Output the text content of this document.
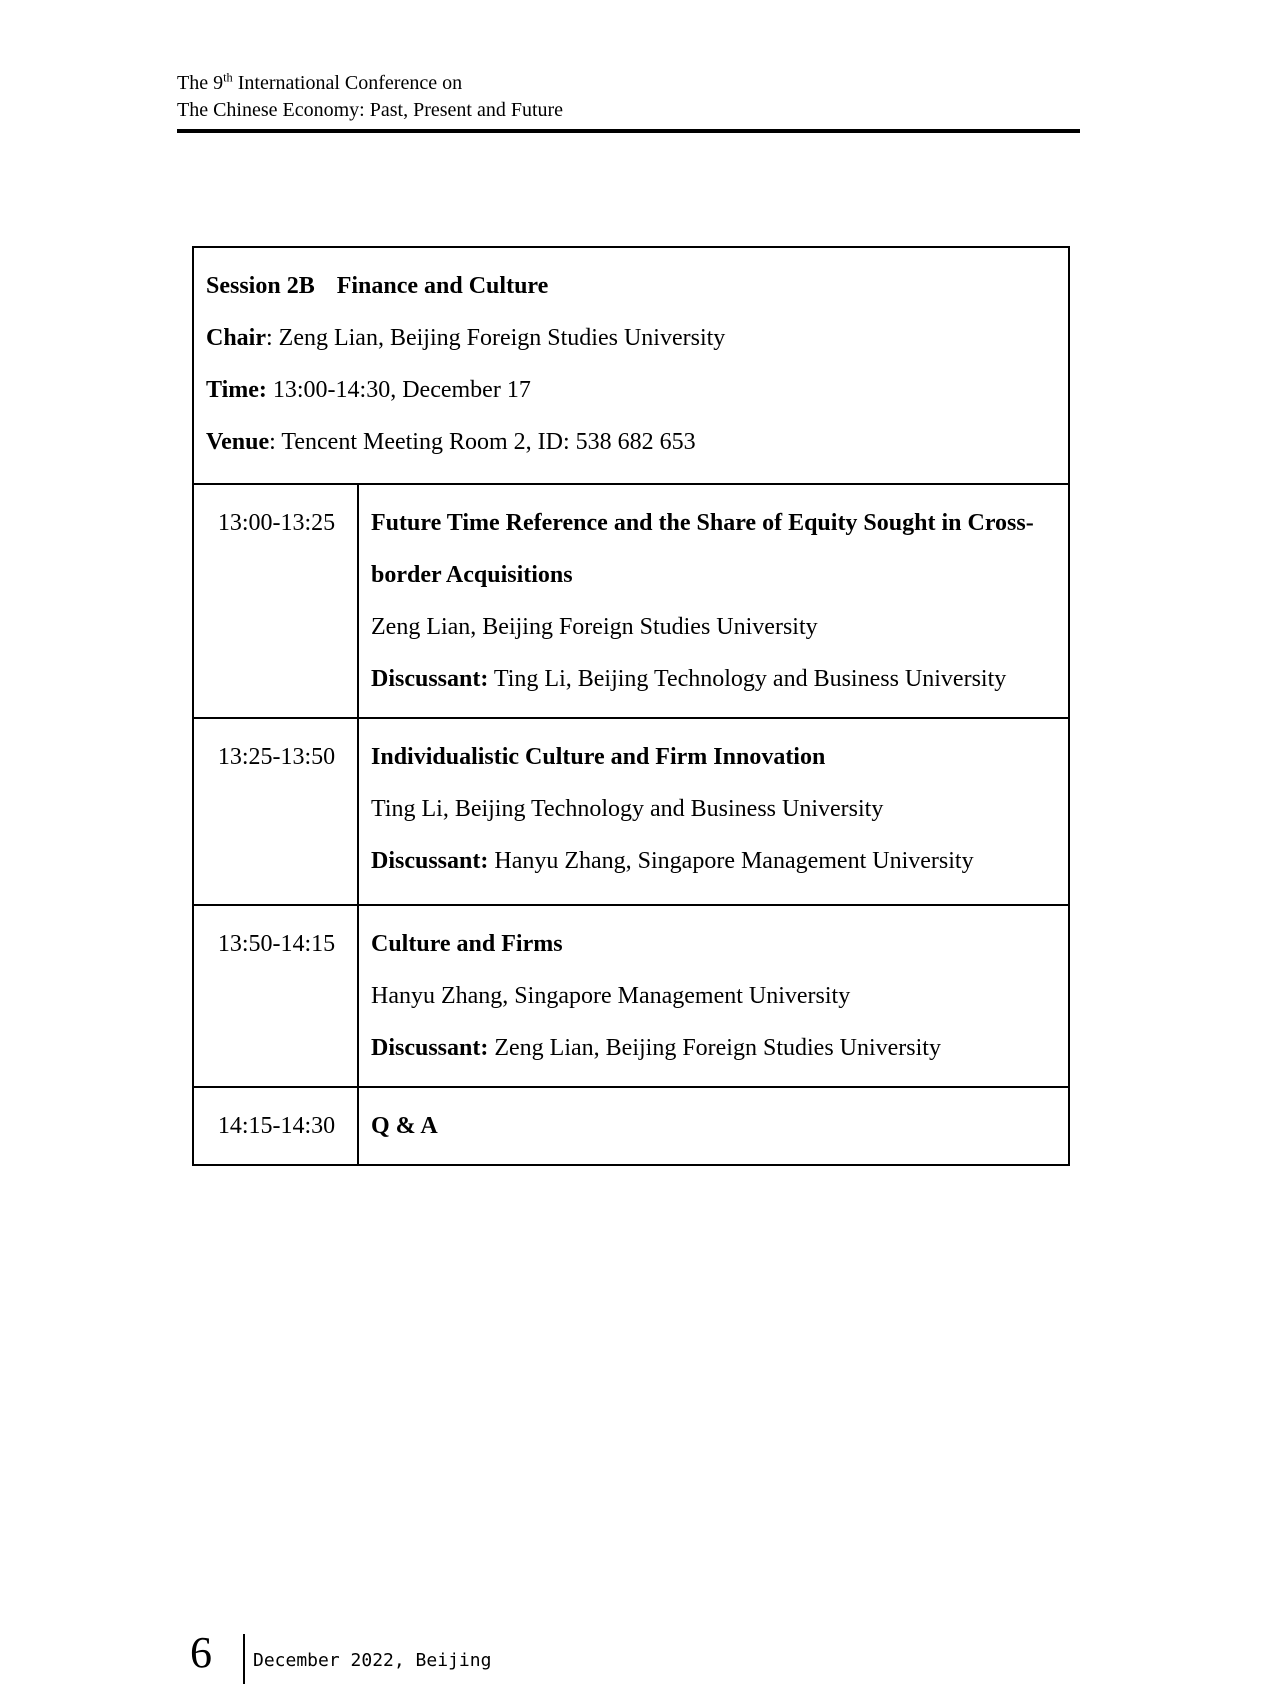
The 9th International Conference on
The Chinese Economy: Past, Present and Future

Session 2B Finance and Culture

Chair: Zeng Lian, Beijing Foreign Studies University

Time: 13:00-14:30, December 17

Venue: Tencent Meeting Room 2, ID: 538 682 653	

13:00-13:25	Future Time Reference and the Share of Equity Sought in Cross-border Acquisitions

Zeng Lian, Beijing Foreign Studies University

Discussant: Ting Li, Beijing Technology and Business University

13:25-13:50	Individualistic Culture and Firm Innovation

Ting Li, Beijing Technology and Business University

Discussant: Hanyu Zhang, Singapore Management University

13:50-14:15	Culture and Firms

Hanyu Zhang, Singapore Management University

Discussant: Zeng Lian, Beijing Foreign Studies University

14:15-14:30	Q & A
6 December 2022, Beijing
